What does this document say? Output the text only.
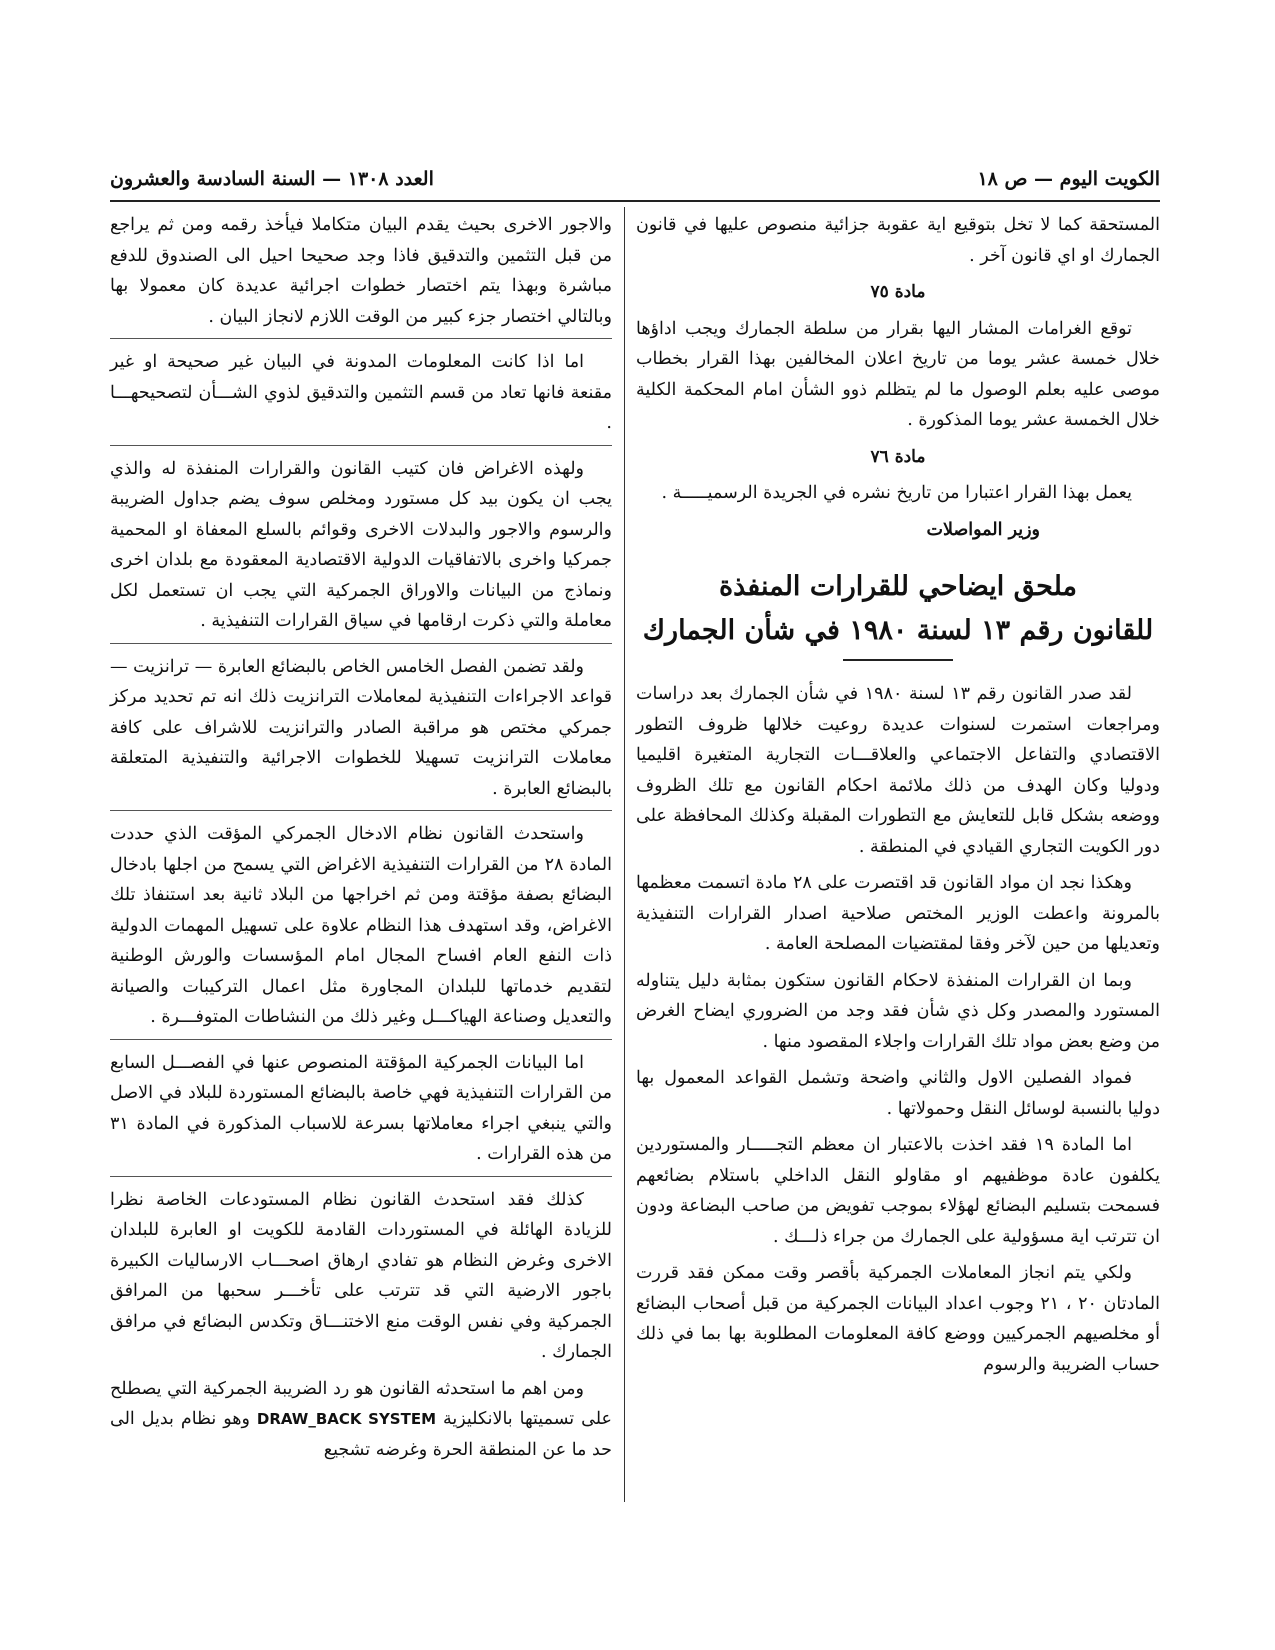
الكويت اليوم — ص ١٨
العدد ١٣٠٨ — السنة السادسة والعشرون

المستحقة كما لا تخل بتوقيع اية عقوبة جزائية منصوص عليها في قانون الجمارك او اي قانون آخر .

مادة ٧٥

توقع الغرامات المشار اليها بقرار من سلطة الجمارك ويجب اداؤها خلال خمسة عشر يوما من تاريخ اعلان المخالفين بهذا القرار بخطاب موصى عليه بعلم الوصول ما لم يتظلم ذوو الشأن امام المحكمة الكلية خلال الخمسة عشر يوما المذكورة .

مادة ٧٦

يعمل بهذا القرار اعتبارا من تاريخ نشره في الجريدة الرسميـــــة .

وزير المواصلات
ملحق ايضاحي للقرارات المنفذة
للقانون رقم ١٣ لسنة ١٩٨٠ في شأن الجمارك

لقد صدر القانون رقم ١٣ لسنة ١٩٨٠ في شأن الجمارك بعد دراسات ومراجعات استمرت لسنوات عديدة روعيت خلالها ظروف التطور الاقتصادي والتفاعل الاجتماعي والعلاقـــات التجارية المتغيرة اقليميا ودوليا وكان الهدف من ذلك ملائمة احكام القانون مع تلك الظروف ووضعه بشكل قابل للتعايش مع التطورات المقبلة وكذلك المحافظة على دور الكويت التجاري القيادي في المنطقة .

وهكذا نجد ان مواد القانون قد اقتصرت على ٢٨ مادة اتسمت معظمها بالمرونة واعطت الوزير المختص صلاحية اصدار القرارات التنفيذية وتعديلها من حين لآخر وفقا لمقتضيات المصلحة العامة .

وبما ان القرارات المنفذة لاحكام القانون ستكون بمثابة دليل يتناوله المستورد والمصدر وكل ذي شأن فقد وجد من الضروري ايضاح الغرض من وضع بعض مواد تلك القرارات واجلاء المقصود منها .

فمواد الفصلين الاول والثاني واضحة وتشمل القواعد المعمول بها دوليا بالنسبة لوسائل النقل وحمولاتها .

اما المادة ١٩ فقد اخذت بالاعتبار ان معظم التجـــــار والمستوردين يكلفون عادة موظفيهم او مقاولو النقل الداخلي باستلام بضائعهم فسمحت بتسليم البضائع لهؤلاء بموجب تفويض من صاحب البضاعة ودون ان تترتب اية مسؤولية على الجمارك من جراء ذلـــك .

ولكي يتم انجاز المعاملات الجمركية بأقصر وقت ممكن فقد قررت المادتان ٢٠ ، ٢١ وجوب اعداد البيانات الجمركية من قبل أصحاب البضائع أو مخلصيهم الجمركيين ووضع كافة المعلومات المطلوبة بها بما في ذلك حساب الضريبة والرسوم

والاجور الاخرى بحيث يقدم البيان متكاملا فيأخذ رقمه ومن ثم يراجع من قبل التثمين والتدقيق فاذا وجد صحيحا احيل الى الصندوق للدفع مباشرة وبهذا يتم اختصار خطوات اجرائية عديدة كان معمولا بها وبالتالي اختصار جزء كبير من الوقت اللازم لانجاز البيان .

اما اذا كانت المعلومات المدونة في البيان غير صحيحة او غير مقنعة فانها تعاد من قسم التثمين والتدقيق لذوي الشـــأن لتصحيحهـــا .

ولهذه الاغراض فان كتيب القانون والقرارات المنفذة له والذي يجب ان يكون بيد كل مستورد ومخلص سوف يضم جداول الضريبة والرسوم والاجور والبدلات الاخرى وقوائم بالسلع المعفاة او المحمية جمركيا واخرى بالاتفاقيات الدولية الاقتصادية المعقودة مع بلدان اخرى ونماذج من البيانات والاوراق الجمركية التي يجب ان تستعمل لكل معاملة والتي ذكرت ارقامها في سياق القرارات التنفيذية .

ولقد تضمن الفصل الخامس الخاص بالبضائع العابرة — ترانزيت — قواعد الاجراءات التنفيذية لمعاملات الترانزيت ذلك انه تم تحديد مركز جمركي مختص هو مراقبة الصادر والترانزيت للاشراف على كافة معاملات الترانزيت تسهيلا للخطوات الاجرائية والتنفيذية المتعلقة بالبضائع العابرة .

واستحدث القانون نظام الادخال الجمركي المؤقت الذي حددت المادة ٢٨ من القرارات التنفيذية الاغراض التي يسمح من اجلها بادخال البضائع بصفة مؤقتة ومن ثم اخراجها من البلاد ثانية بعد استنفاذ تلك الاغراض، وقد استهدف هذا النظام علاوة على تسهيل المهمات الدولية ذات النفع العام افساح المجال امام المؤسسات والورش الوطنية لتقديم خدماتها للبلدان المجاورة مثل اعمال التركيبات والصيانة والتعديل وصناعة الهياكـــل وغير ذلك من النشاطات المتوفـــرة .

اما البيانات الجمركية المؤقتة المنصوص عنها في الفصـــل السابع من القرارات التنفيذية فهي خاصة بالبضائع المستوردة للبلاد في الاصل والتي ينبغي اجراء معاملاتها بسرعة للاسباب المذكورة في المادة ٣١ من هذه القرارات .

كذلك فقد استحدث القانون نظام المستودعات الخاصة نظرا للزيادة الهائلة في المستوردات القادمة للكويت او العابرة للبلدان الاخرى وغرض النظام هو تفادي ارهاق اصحـــاب الارساليات الكبيرة باجور الارضية التي قد تترتب على تأخـــر سحبها من المرافق الجمركية وفي نفس الوقت منع الاختنـــاق وتكدس البضائع في مرافق الجمارك .

ومن اهم ما استحدثه القانون هو رد الضريبة الجمركية التي يصطلح على تسميتها بالانكليزية DRAW_BACK SYSTEM وهو نظام بديل الى حد ما عن المنطقة الحرة وغرضه تشجيع
